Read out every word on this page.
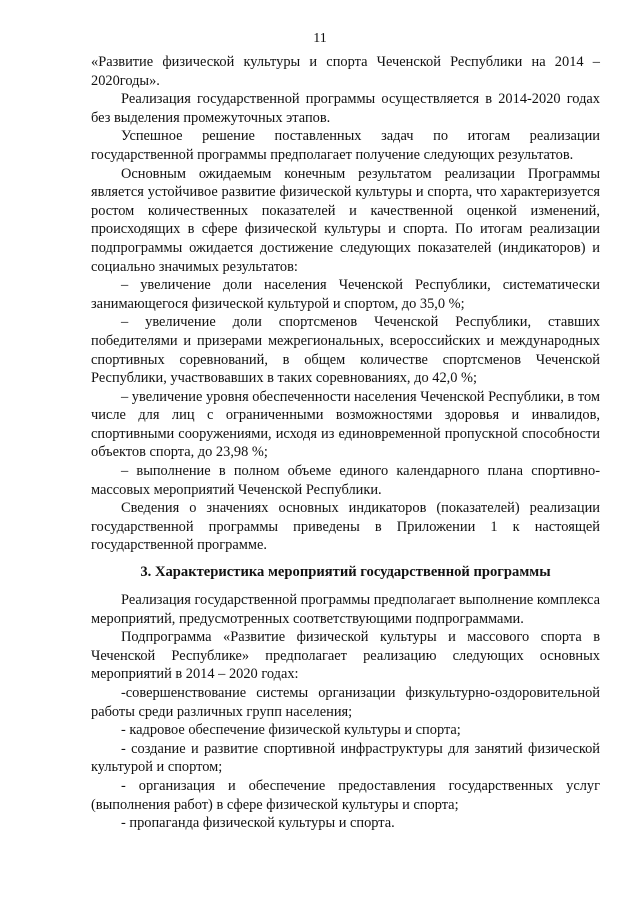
11

«Развитие физической культуры и спорта Чеченской Республики на 2014 – 2020годы».

Реализация государственной программы осуществляется в 2014-2020 годах без выделения промежуточных этапов.

Успешное решение поставленных задач по итогам реализации государственной программы предполагает получение следующих результатов.

Основным ожидаемым конечным результатом реализации Программы является устойчивое развитие физической культуры и спорта, что характеризуется ростом количественных показателей и качественной оценкой изменений, происходящих в сфере физической культуры и спорта. По итогам реализации подпрограммы ожидается достижение следующих показателей (индикаторов) и социально значимых результатов:

– увеличение доли населения Чеченской Республики, систематически занимающегося физической культурой и спортом, до 35,0 %;

– увеличение доли спортсменов Чеченской Республики, ставших победителями и призерами межрегиональных, всероссийских и международных спортивных соревнований, в общем количестве спортсменов Чеченской Республики, участвовавших в таких соревнованиях, до 42,0 %;

– увеличение уровня обеспеченности населения Чеченской Республики, в том числе для лиц с ограниченными возможностями здоровья и инвалидов, спортивными сооружениями, исходя из единовременной пропускной способности объектов спорта, до 23,98 %;

– выполнение в полном объеме единого календарного плана спортивно-массовых мероприятий Чеченской Республики.

Сведения о значениях основных индикаторов (показателей) реализации государственной программы приведены в Приложении 1 к настоящей государственной программе.

3. Характеристика мероприятий государственной программы

Реализация государственной программы предполагает выполнение комплекса мероприятий, предусмотренных соответствующими подпрограммами.

Подпрограмма «Развитие физической культуры и массового спорта в Чеченской Республике» предполагает реализацию следующих основных мероприятий в 2014 – 2020 годах:

-совершенствование системы организации физкультурно-оздоровительной работы среди различных групп населения;

- кадровое обеспечение физической культуры и спорта;

- создание и развитие спортивной инфраструктуры для занятий физической культурой и спортом;

- организация и обеспечение предоставления государственных услуг (выполнения работ) в сфере физической культуры и спорта;

- пропаганда физической культуры и спорта.
